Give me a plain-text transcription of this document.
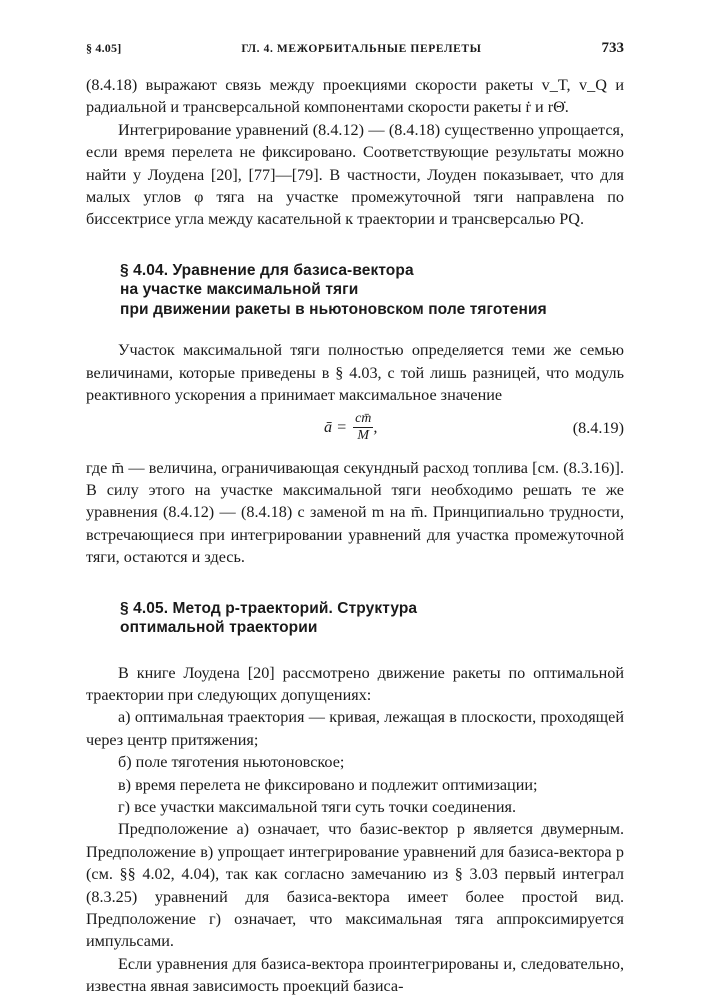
§ 4.05]	ГЛ. 4. МЕЖОРБИТАЛЬНЫЕ ПЕРЕЛЕТЫ	733

(8.4.18) выражают связь между проекциями скорости ракеты v_T, v_Q и радиальной и трансверсальной компонентами скорости ракеты ṙ и rΘ̇.

Интегрирование уравнений (8.4.12) — (8.4.18) существенно упрощается, если время перелета не фиксировано. Соответствующие результаты можно найти у Лоудена [20], [77]—[79]. В частности, Лоуден показывает, что для малых углов φ тяга на участке промежуточной тяги направлена по биссектрисе угла между касательной к траектории и трансверсалью PQ.

§ 4.04. Уравнение для базиса-вектора
на участке максимальной тяги
при движении ракеты в ньютоновском поле тяготения

Участок максимальной тяги полностью определяется теми же семью величинами, которые приведены в § 4.03, с той лишь разницей, что модуль реактивного ускорения a принимает максимальное значение

ā = $\frac{cm̄}{M}$ ,	(8.4.19)

где m̄ — величина, ограничивающая секундный расход топлива [см. (8.3.16)]. В силу этого на участке максимальной тяги необходимо решать те же уравнения (8.4.12) — (8.4.18) с заменой m на m̄. Принципиально трудности, встречающиеся при интегрировании уравнений для участка промежуточной тяги, остаются и здесь.

§ 4.05. Метод p-траекторий. Структура
оптимальной траектории

В книге Лоудена [20] рассмотрено движение ракеты по оптимальной траектории при следующих допущениях:

а) оптимальная траектория — кривая, лежащая в плоскости, проходящей через центр притяжения;

б) поле тяготения ньютоновское;

в) время перелета не фиксировано и подлежит оптимизации;

г) все участки максимальной тяги суть точки соединения.

Предположение а) означает, что базис-вектор p является двумерным. Предположение в) упрощает интегрирование уравнений для базиса-вектора p (см. §§ 4.02, 4.04), так как согласно замечанию из § 3.03 первый интеграл (8.3.25) уравнений для базиса-вектора имеет более простой вид. Предположение г) означает, что максимальная тяга аппроксимируется импульсами.

Если уравнения для базиса-вектора проинтегрированы и, следовательно, известна явная зависимость проекций базиса-
